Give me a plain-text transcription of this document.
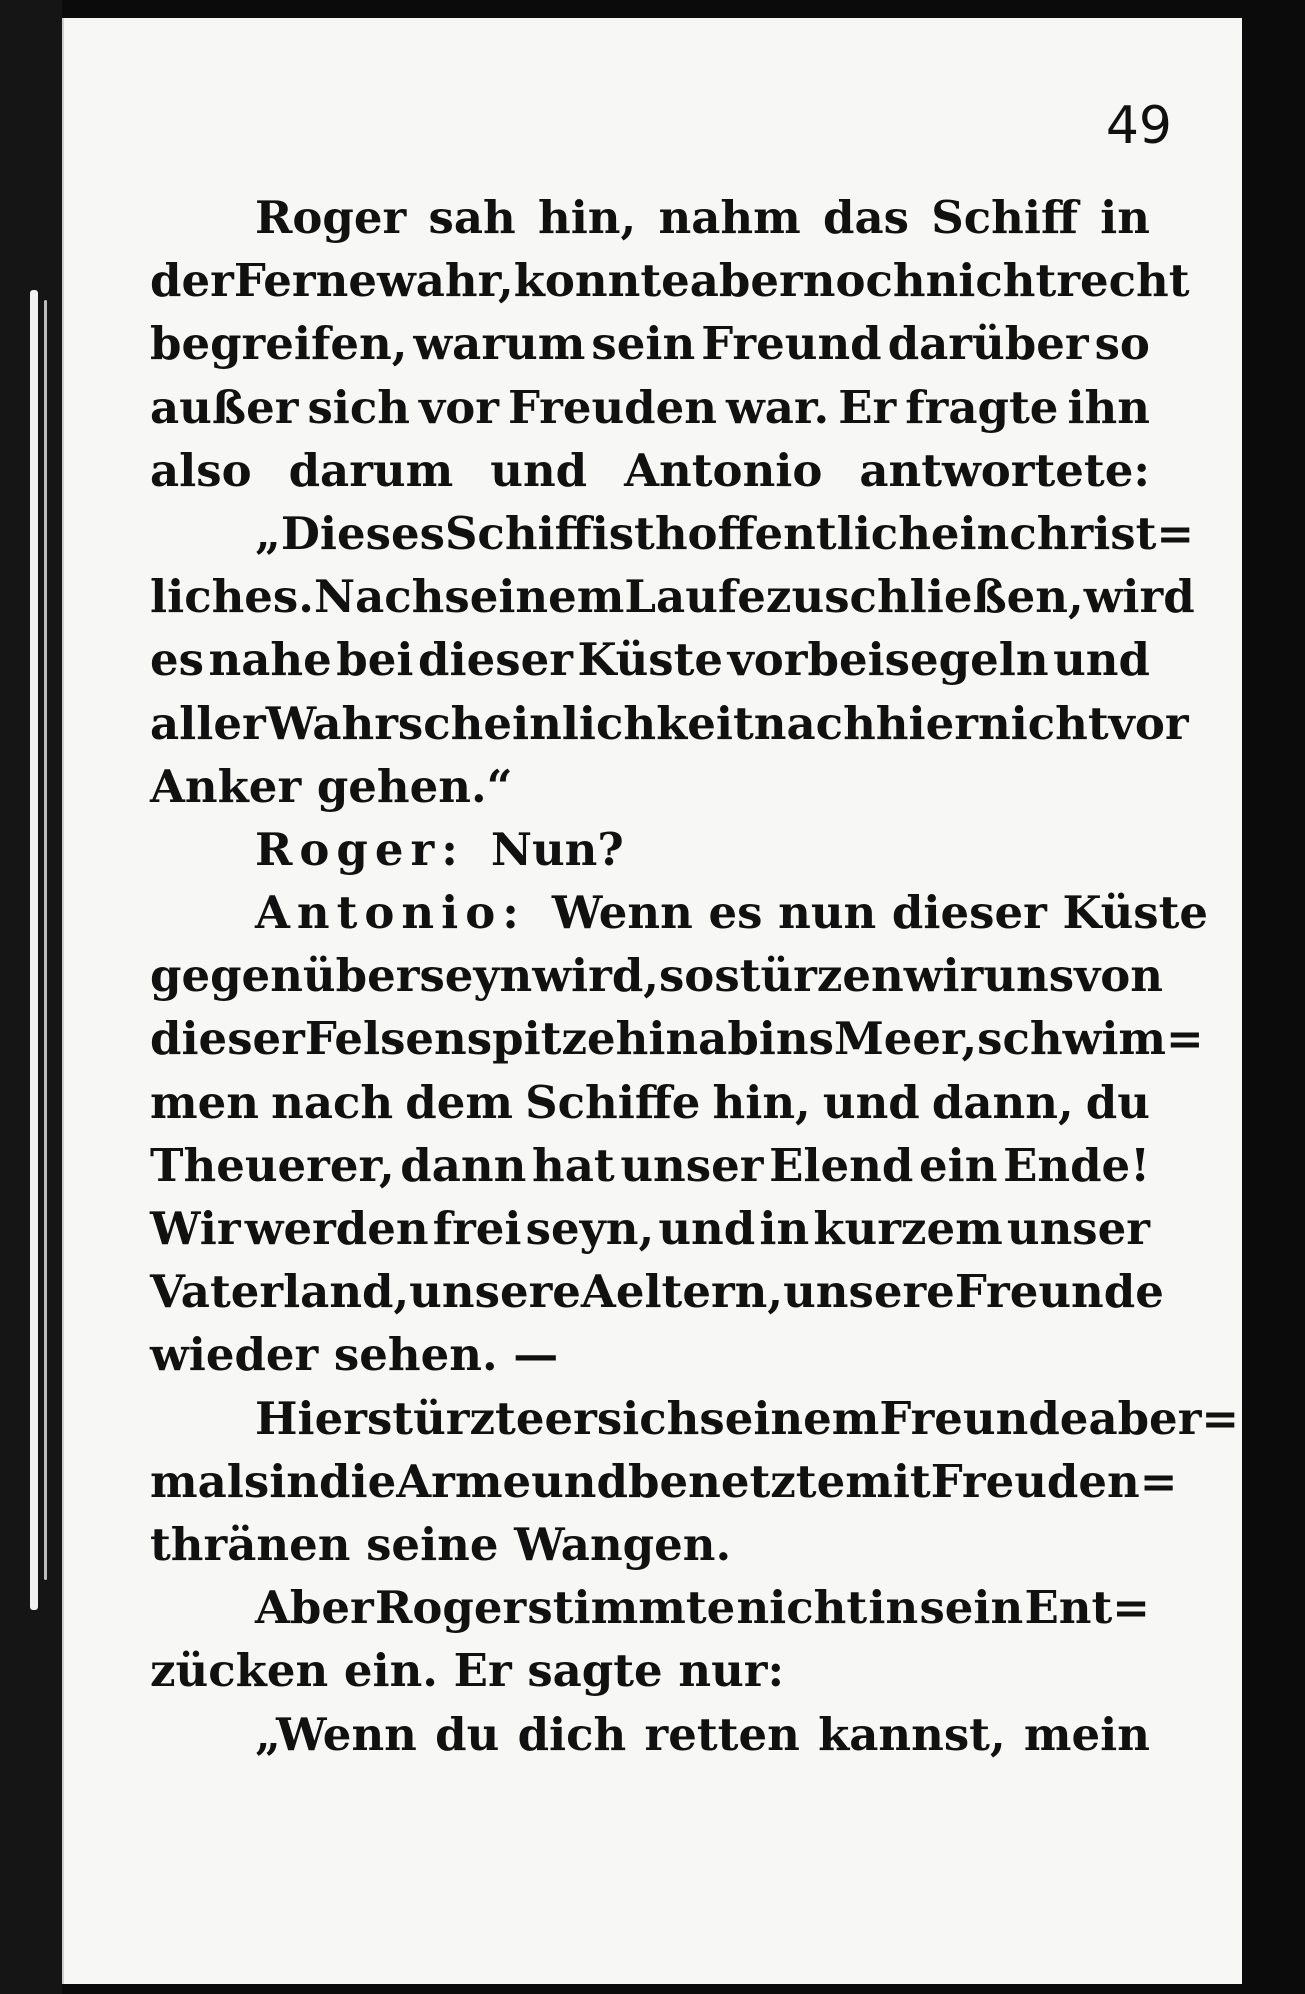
49
Roger sah hin, nahm das Schiff in
der Ferne wahr, konnte aber noch nicht recht
begreifen, warum sein Freund darüber so
außer sich vor Freuden war. Er fragte ihn
also darum und Antonio antwortete:
„Dieses Schiff ist hoffentlich ein christ=
liches. Nach seinem Laufe zu schließen, wird
es nahe bei dieser Küste vorbeisegeln und
aller Wahrscheinlichkeit nach hier nicht vor
Anker gehen.“
Roger: Nun?
Antonio: Wenn es nun dieser Küste
gegenüber seyn wird, so stürzen wir uns von
dieser Felsenspitze hinab ins Meer, schwim=
men nach dem Schiffe hin, und dann, du
Theuerer, dann hat unser Elend ein Ende!
Wir werden frei seyn, und in kurzem unser
Vaterland, unsere Aeltern, unsere Freunde
wieder sehen. —
Hier stürzte er sich seinem Freunde aber=
mals in die Arme und benetzte mit Freuden=
thränen seine Wangen.
Aber Roger stimmte nicht in sein Ent=
zücken ein. Er sagte nur:
„Wenn du dich retten kannst, mein
